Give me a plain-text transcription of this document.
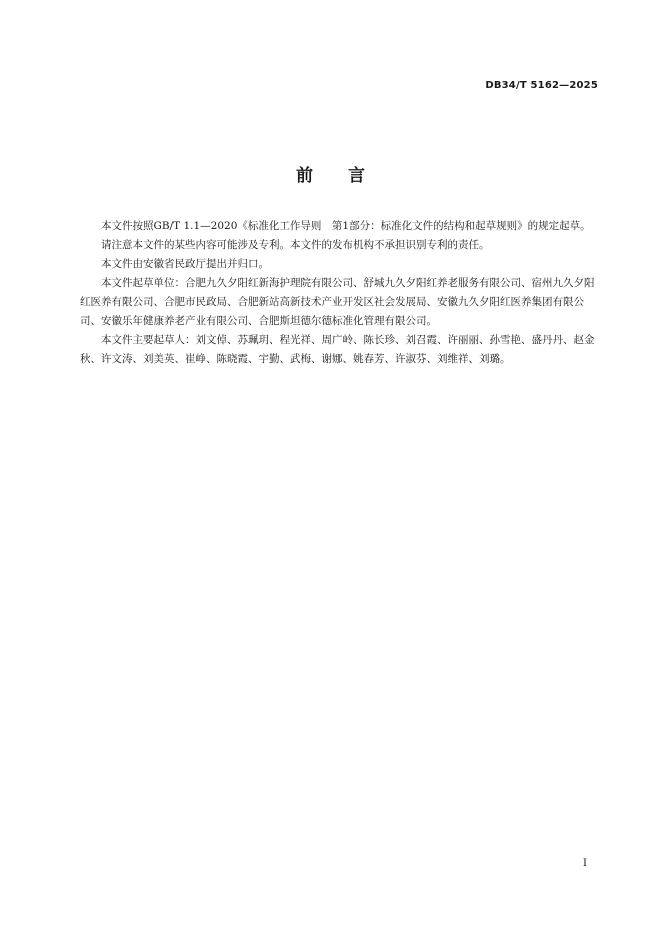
DB34/T 5162—2025
前 言

本文件按照GB/T 1.1—2020《标准化工作导则　第1部分：标准化文件的结构和起草规则》的规定起草。

请注意本文件的某些内容可能涉及专利。本文件的发布机构不承担识别专利的责任。

本文件由安徽省民政厅提出并归口。

本文件起草单位：合肥九久夕阳红新海护理院有限公司、舒城九久夕阳红养老服务有限公司、宿州九久夕阳红医养有限公司、合肥市民政局、合肥新站高新技术产业开发区社会发展局、安徽九久夕阳红医养集团有限公司、安徽乐年健康养老产业有限公司、合肥斯坦德尔德标准化管理有限公司。

本文件主要起草人：刘文倬、苏珮玥、程光祥、周广岭、陈长珍、刘召霞、许丽丽、孙雪艳、盛丹丹、赵金秋、许文涛、刘美英、崔峥、陈晓霞、宇勤、武梅、谢娜、姚春芳、许淑芬、刘维祥、刘璐。

I
